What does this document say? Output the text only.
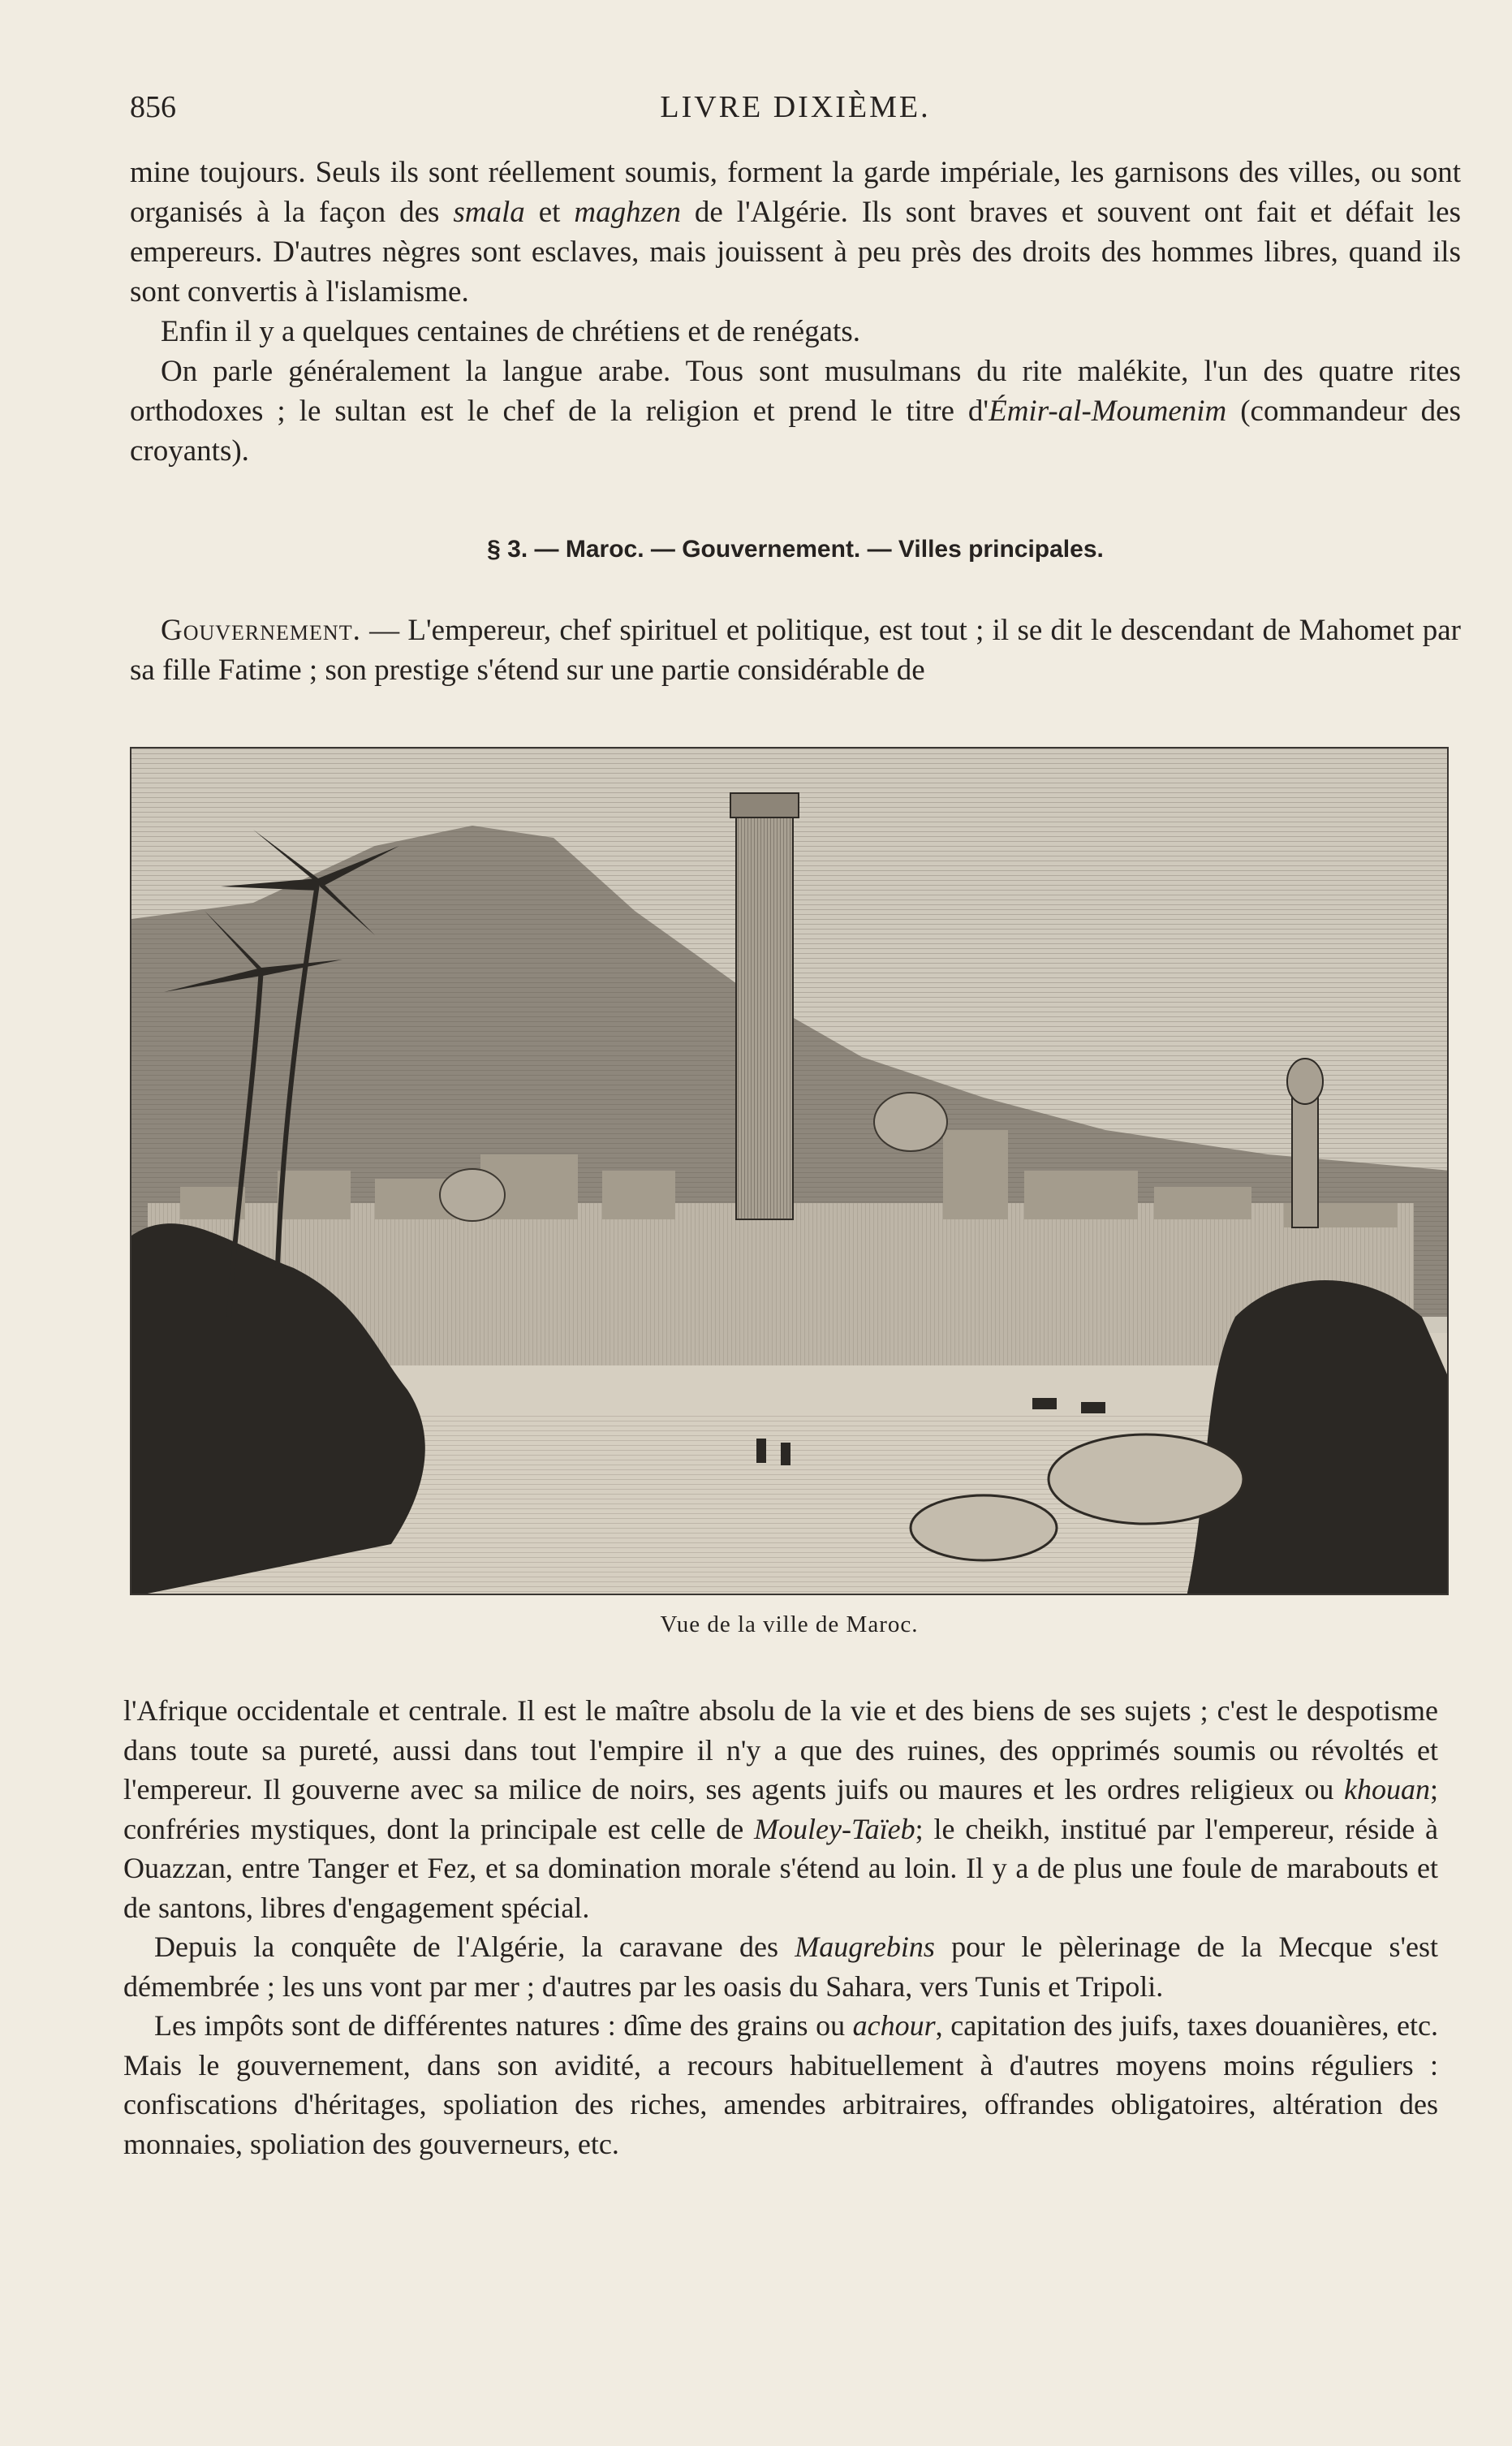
856	LIVRE DIXIÈME.

mine toujours. Seuls ils sont réellement soumis, forment la garde impériale, les garnisons des villes, ou sont organisés à la façon des smala et maghzen de l'Algérie. Ils sont braves et souvent ont fait et défait les empereurs. D'autres nègres sont esclaves, mais jouissent à peu près des droits des hommes libres, quand ils sont convertis à l'islamisme.

Enfin il y a quelques centaines de chrétiens et de renégats.

On parle généralement la langue arabe. Tous sont musulmans du rite malékite, l'un des quatre rites orthodoxes ; le sultan est le chef de la religion et prend le titre d'Émir-al-Moumenim (commandeur des croyants).

§ 3. — Maroc. — Gouvernement. — Villes principales.

Gouvernement. — L'empereur, chef spirituel et politique, est tout ; il se dit le descendant de Mahomet par sa fille Fatime ; son prestige s'étend sur une partie considérable de

Vue de la ville de Maroc.

l'Afrique occidentale et centrale. Il est le maître absolu de la vie et des biens de ses sujets ; c'est le despotisme dans toute sa pureté, aussi dans tout l'empire il n'y a que des ruines, des opprimés soumis ou révoltés et l'empereur. Il gouverne avec sa milice de noirs, ses agents juifs ou maures et les ordres religieux ou khouan; confréries mystiques, dont la principale est celle de Mouley-Taïeb; le cheikh, institué par l'empereur, réside à Ouazzan, entre Tanger et Fez, et sa domination morale s'étend au loin. Il y a de plus une foule de marabouts et de santons, libres d'engagement spécial.

Depuis la conquête de l'Algérie, la caravane des Maugrebins pour le pèlerinage de la Mecque s'est démembrée ; les uns vont par mer ; d'autres par les oasis du Sahara, vers Tunis et Tripoli.

Les impôts sont de différentes natures : dîme des grains ou achour, capitation des juifs, taxes douanières, etc. Mais le gouvernement, dans son avidité, a recours habituellement à d'autres moyens moins réguliers : confiscations d'héritages, spoliation des riches, amendes arbitraires, offrandes obligatoires, altération des monnaies, spoliation des gouverneurs, etc.
